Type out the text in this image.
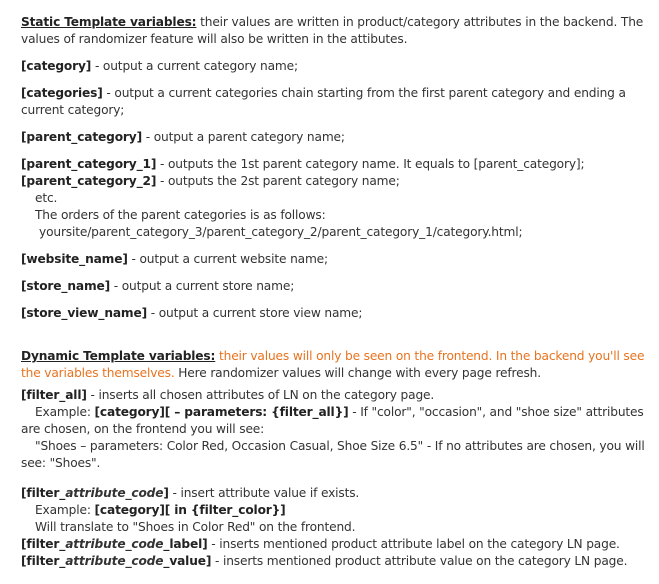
Static Template variables: their values are written in product/category attributes in the backend. The values of randomizer feature will also be written in the attibutes.

[category] - output a current category name;

[categories] - output a current categories chain starting from the first parent category and ending a current category;

[parent_category] - output a parent category name;

[parent_category_1] - outputs the 1st parent category name. It equals to [parent_category];

[parent_category_2] - outputs the 2st parent category name;

etc.

The orders of the parent categories is as follows:

yoursite/parent_category_3/parent_category_2/parent_category_1/category.html;

[website_name] - output a current website name;

[store_name] - output a current store name;

[store_view_name] - output a current store view name;

Dynamic Template variables: their values will only be seen on the frontend. In the backend you'll see the variables themselves. Here randomizer values will change with every page refresh.

[filter_all] - inserts all chosen attributes of LN on the category page.

Example: [category][ – parameters: {filter_all}] - If "color", "occasion", and "shoe size" attributes are chosen, on the frontend you will see:

"Shoes – parameters: Color Red, Occasion Casual, Shoe Size 6.5" - If no attributes are chosen, you will see: "Shoes".

[filter_attribute_code] - insert attribute value if exists.

Example: [category][ in {filter_color}]

Will translate to "Shoes in Color Red" on the frontend.

[filter_attribute_code_label] - inserts mentioned product attribute label on the category LN page.

[filter_attribute_code_value] - inserts mentioned product attribute value on the category LN page.
